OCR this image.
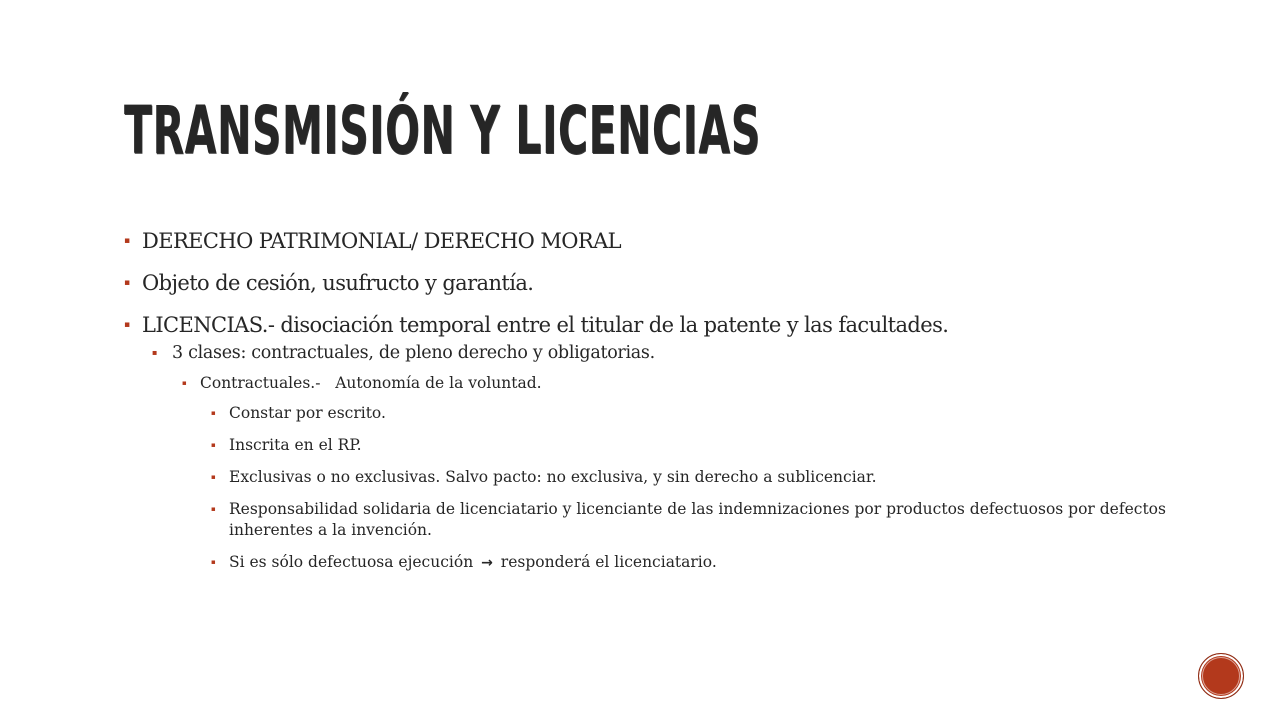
TRANSMISIÓN Y LICENCIAS

▪ DERECHO PATRIMONIAL/ DERECHO MORAL

▪ Objeto de cesión, usufructo y garantía.

▪ LICENCIAS.- disociación temporal entre el titular de la patente y las facultades.

▪ 3 clases: contractuales, de pleno derecho y obligatorias.

▪ Contractuales.-   Autonomía de la voluntad.

▪ Constar por escrito.

▪ Inscrita en el RP.

▪ Exclusivas o no exclusivas. Salvo pacto: no exclusiva, y sin derecho a sublicenciar.

▪ Responsabilidad solidaria de licenciatario y licenciante de las indemnizaciones por productos defectuosos por defectos inherentes a la invención.

▪ Si es sólo defectuosa ejecución → responderá el licenciatario.
